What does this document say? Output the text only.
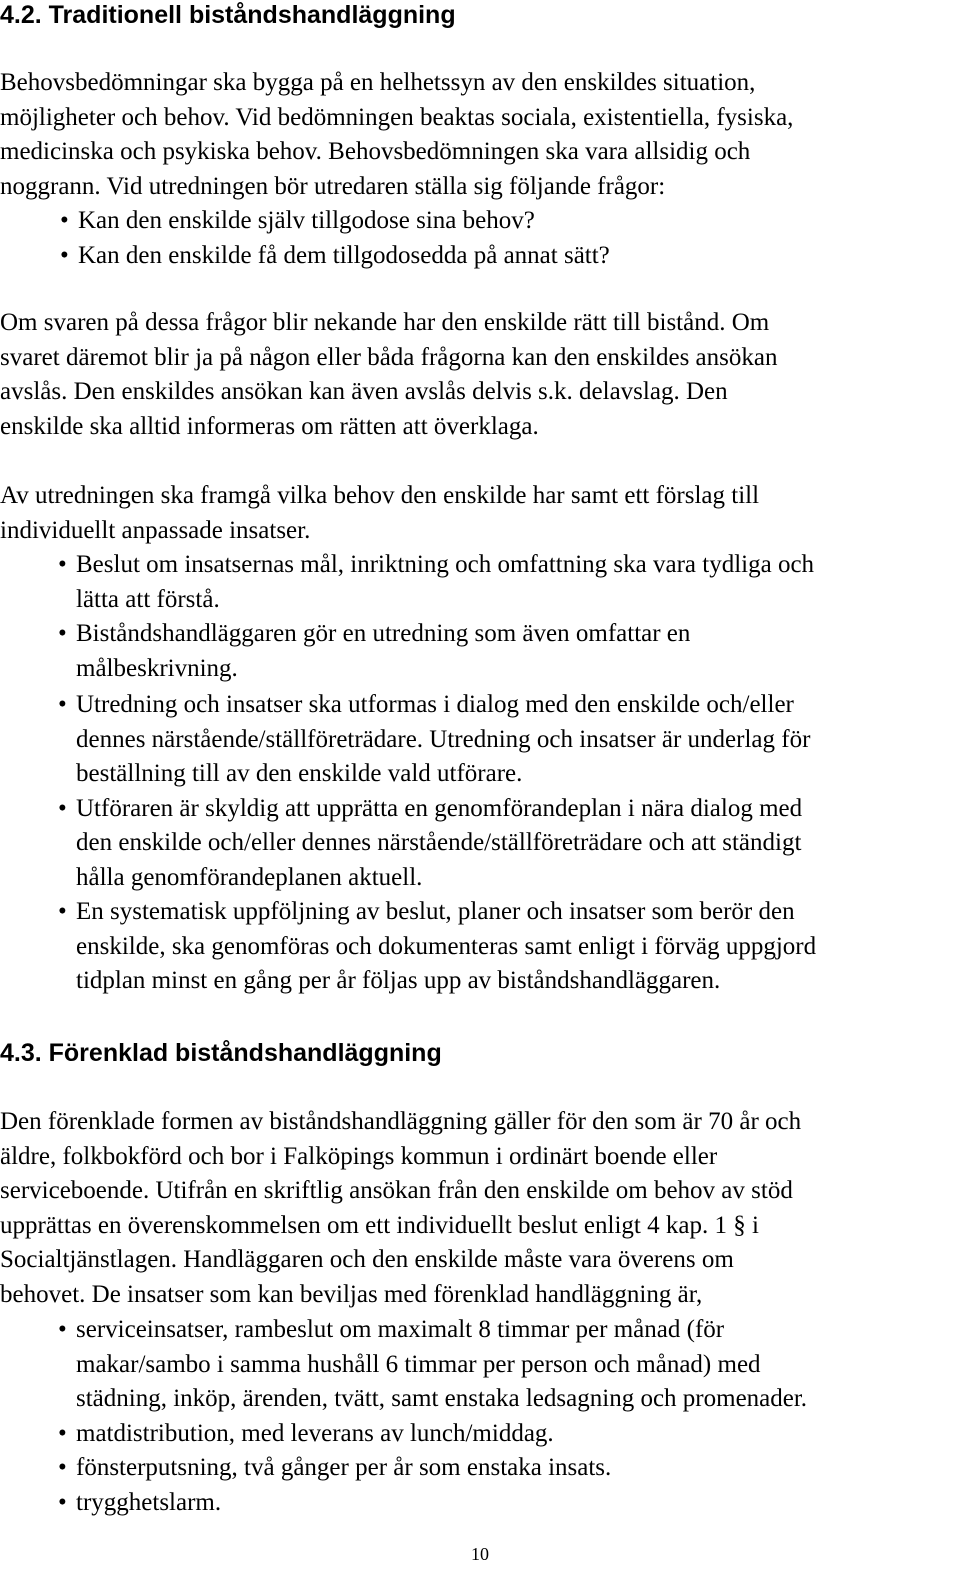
4.2. Traditionell biståndshandläggning
Behovsbedömningar ska bygga på en helhetssyn av den enskildes situation,
möjligheter och behov. Vid bedömningen beaktas sociala, existentiella, fysiska,
medicinska och psykiska behov. Behovsbedömningen ska vara allsidig och
noggrann. Vid utredningen bör utredaren ställa sig följande frågor:
• Kan den enskilde själv tillgodose sina behov?
• Kan den enskilde få dem tillgodosedda på annat sätt?
Om svaren på dessa frågor blir nekande har den enskilde rätt till bistånd. Om
svaret däremot blir ja på någon eller båda frågorna kan den enskildes ansökan
avslås. Den enskildes ansökan kan även avslås delvis s.k. delavslag. Den
enskilde ska alltid informeras om rätten att överklaga.
Av utredningen ska framgå vilka behov den enskilde har samt ett förslag till
individuellt anpassade insatser.
• Beslut om insatsernas mål, inriktning och omfattning ska vara tydliga och
lätta att förstå.
• Biståndshandläggaren gör en utredning som även omfattar en
målbeskrivning.
• Utredning och insatser ska utformas i dialog med den enskilde och/eller
dennes närstående/ställföreträdare. Utredning och insatser är underlag för
beställning till av den enskilde vald utförare.
• Utföraren är skyldig att upprätta en genomförandeplan i nära dialog med
den enskilde och/eller dennes närstående/ställföreträdare och att ständigt
hålla genomförandeplanen aktuell.
• En systematisk uppföljning av beslut, planer och insatser som berör den
enskilde, ska genomföras och dokumenteras samt enligt i förväg uppgjord
tidplan minst en gång per år följas upp av biståndshandläggaren.
4.3. Förenklad biståndshandläggning
Den förenklade formen av biståndshandläggning gäller för den som är 70 år och
äldre, folkbokförd och bor i Falköpings kommun i ordinärt boende eller
serviceboende. Utifrån en skriftlig ansökan från den enskilde om behov av stöd
upprättas en överenskommelsen om ett individuellt beslut enligt 4 kap. 1 § i
Socialtjänstlagen. Handläggaren och den enskilde måste vara överens om
behovet. De insatser som kan beviljas med förenklad handläggning är,
• serviceinsatser, rambeslut om maximalt 8 timmar per månad (för
makar/sambo i samma hushåll 6 timmar per person och månad) med
städning, inköp, ärenden, tvätt, samt enstaka ledsagning och promenader.
• matdistribution, med leverans av lunch/middag.
• fönsterputsning, två gånger per år som enstaka insats.
• trygghetslarm.
10
